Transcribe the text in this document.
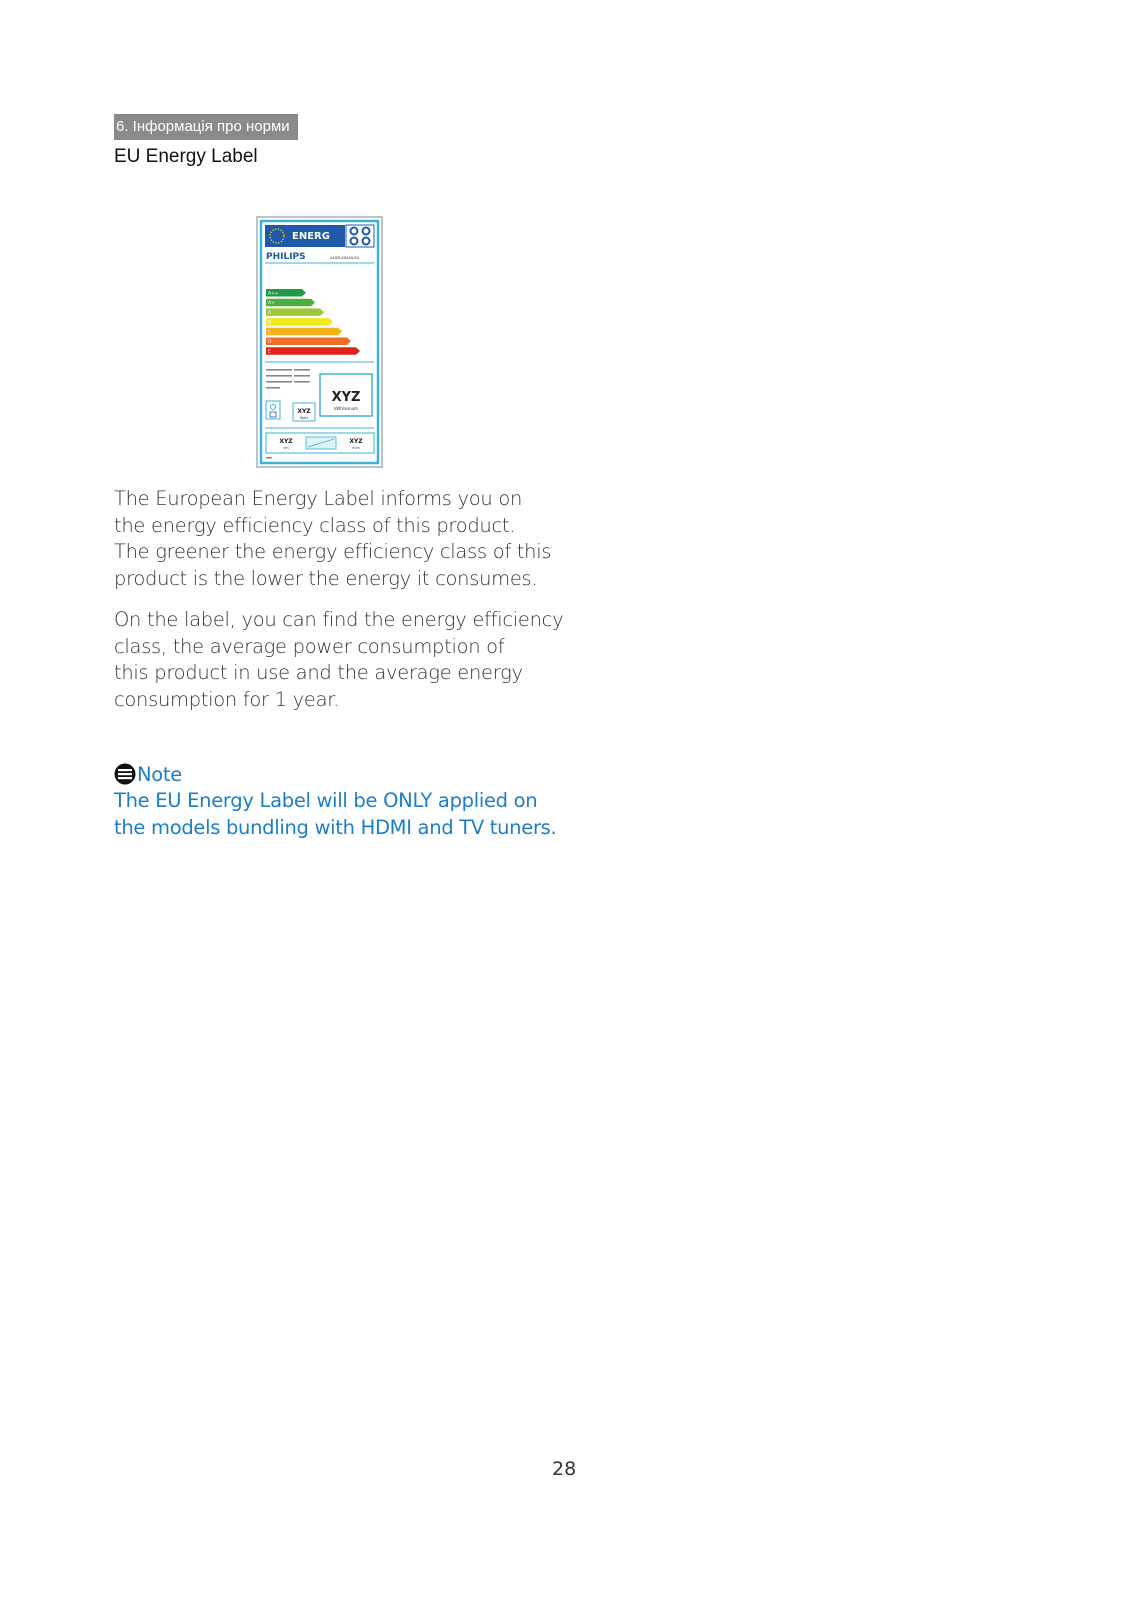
6. Інформація про норми
EU Energy Label
ENERG
PHILIPS	XXXPLXXXXX/XX
A++
A+
A
B
C
D
E
XYZ
kWh/annum
XYZ
Watt
XYZ
cm
XYZ
inch
The European Energy Label informs you on
the energy efficiency class of this product.
The greener the energy efficiency class of this
product is the lower the energy it consumes.
On the label, you can find the energy efficiency
class, the average power consumption of
this product in use and the average energy
consumption for 1 year.
Note
The EU Energy Label will be ONLY applied on
the models bundling with HDMI and TV tuners.
28
